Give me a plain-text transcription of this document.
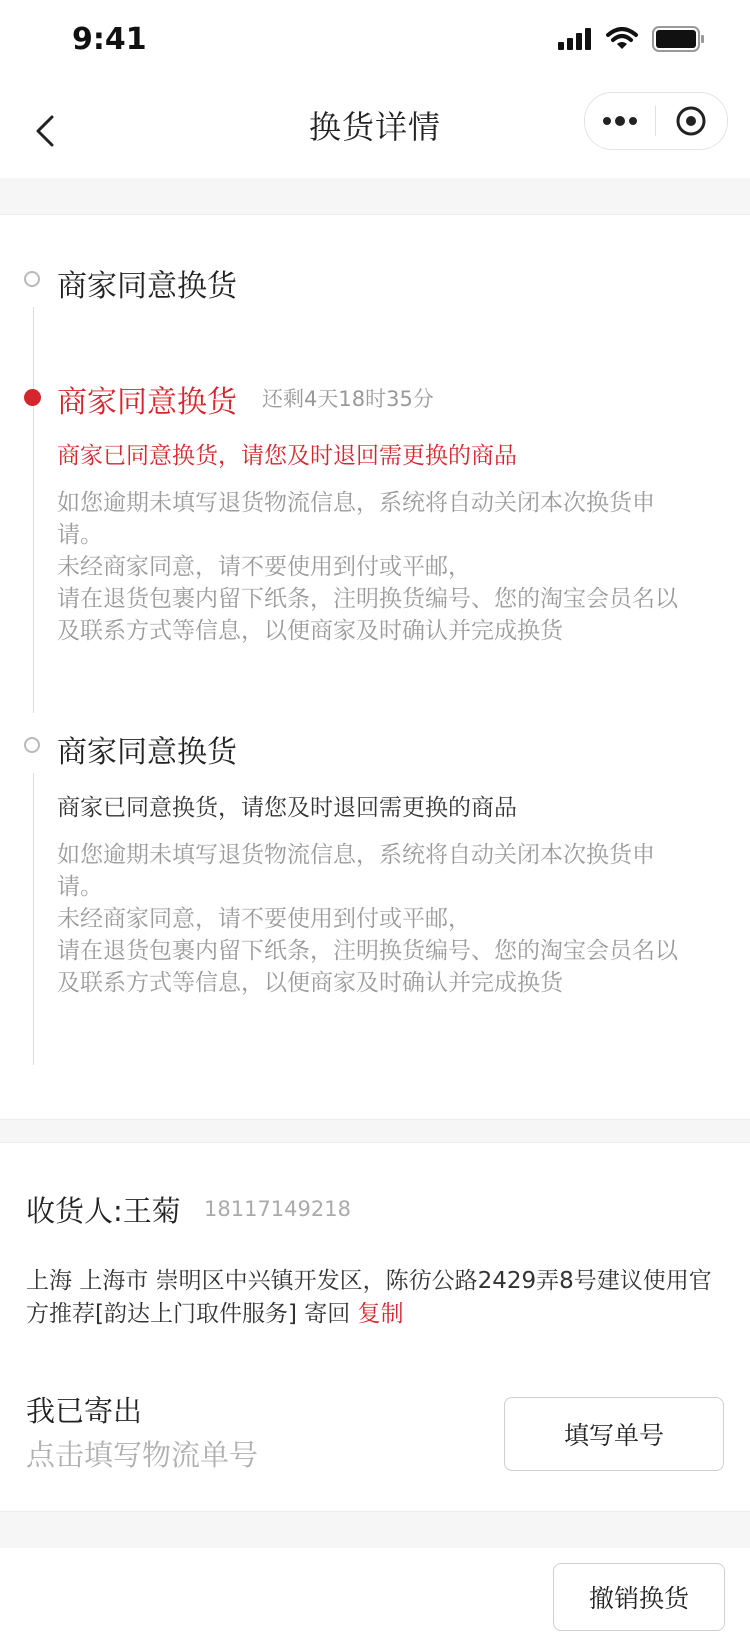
9:41
换货详情
商家同意换货
商家同意换货 还剩4天18时35分
商家已同意换货，请您及时退回需更换的商品
如您逾期未填写退货物流信息，系统将自动关闭本次换货申请。
未经商家同意，请不要使用到付或平邮，
请在退货包裹内留下纸条，注明换货编号、您的淘宝会员名以及联系方式等信息，以便商家及时确认并完成换货
商家同意换货
商家已同意换货，请您及时退回需更换的商品
如您逾期未填写退货物流信息，系统将自动关闭本次换货申请。
未经商家同意，请不要使用到付或平邮，
请在退货包裹内留下纸条，注明换货编号、您的淘宝会员名以及联系方式等信息，以便商家及时确认并完成换货
收货人:王菊 18117149218
上海 上海市 崇明区中兴镇开发区，陈彷公路2429弄8号建议使用官方推荐[韵达上门取件服务] 寄回 复制
我已寄出
点击填写物流单号
填写单号
撤销换货
